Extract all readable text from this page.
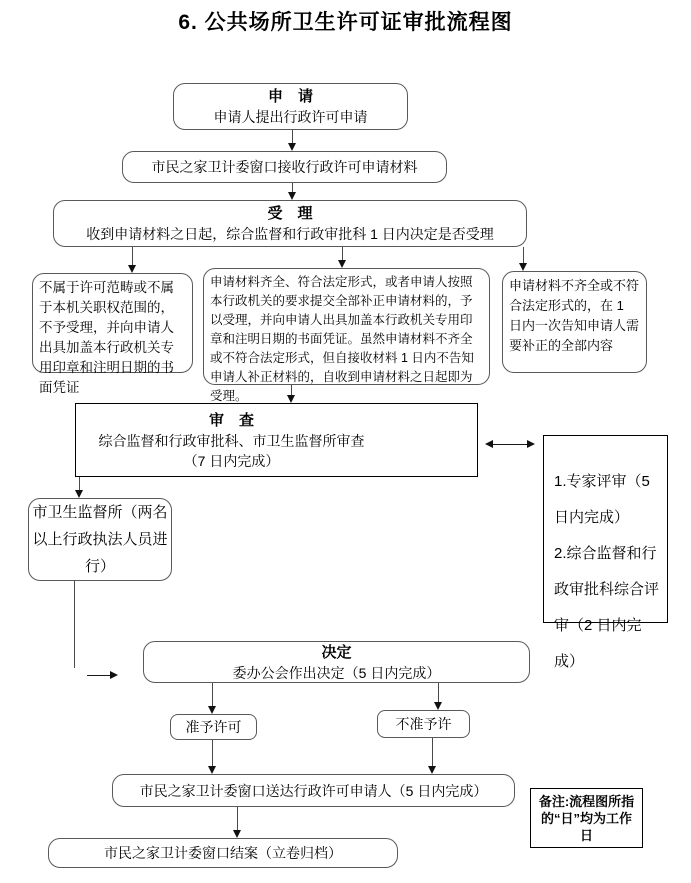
6. 公共场所卫生许可证审批流程图
申　请
申请人提出行政许可申请
市民之家卫计委窗口接收行政许可申请材料
受　理
收到申请材料之日起，综合监督和行政审批科 1 日内决定是否受理
不属于许可范畴或不属于本机关职权范围的，不予受理，并向申请人出具加盖本行政机关专用印章和注明日期的书面凭证
申请材料齐全、符合法定形式，或者申请人按照本行政机关的要求提交全部补正申请材料的，予以受理，并向申请人出具加盖本行政机关专用印章和注明日期的书面凭证。虽然申请材料不齐全或不符合法定形式，但自接收材料 1 日内不告知申请人补正材料的，自收到申请材料之日起即为受理。
申请材料不齐全或不符合法定形式的，在 1 日内一次告知申请人需要补正的全部内容
审　查
综合监督和行政审批科、市卫生监督所审查
（7 日内完成）
1.专家评审（5 日内完成）
2.综合监督和行政审批科综合评审（2 日内完成）
市卫生监督所（两名以上行政执法人员进行）
决定
委办公会作出决定（5 日内完成）
准予许可	不准予许
市民之家卫计委窗口送达行政许可申请人（5 日内完成）
市民之家卫计委窗口结案（立卷归档）
备注:流程图所指的“日”均为工作日
